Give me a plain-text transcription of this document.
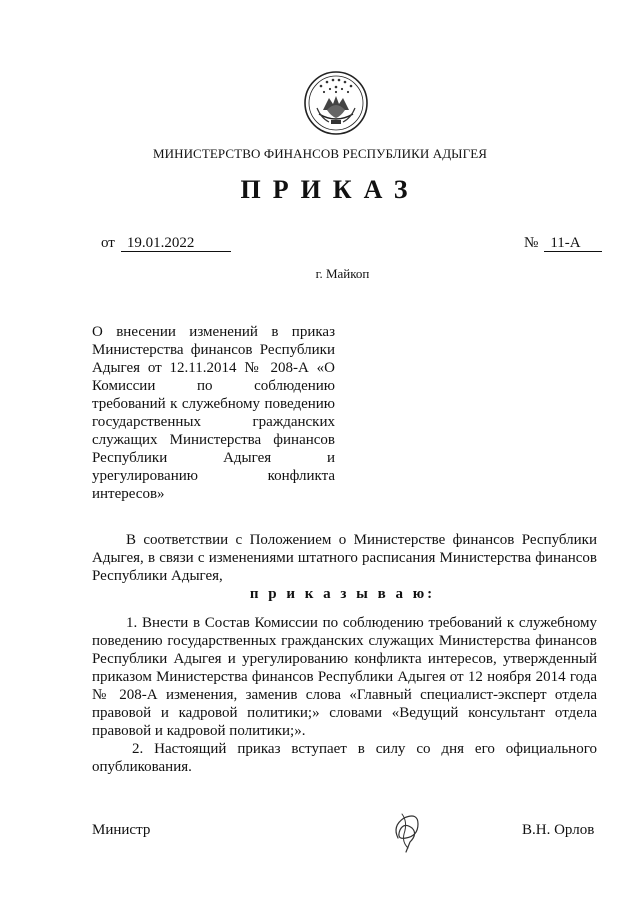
МИНИСТЕРСТВО ФИНАНСОВ РЕСПУБЛИКИ АДЫГЕЯ
ПРИКАЗ
от 19.01.2022	№ 11-А
г. Майкоп
О внесении изменений в приказ Министерства финансов Республики Адыгея от 12.11.2014 № 208-А «О Комиссии по соблюдению требований к служебному поведению государственных гражданских служащих Министерства финансов Республики Адыгея и урегулированию конфликта интересов»
В соответствии с Положением о Министерстве финансов Республики Адыгея, в связи с изменениями штатного расписания Министерства финансов Республики Адыгея,
п р и к а з ы в а ю:
1. Внести в Состав Комиссии по соблюдению требований к служебному поведению государственных гражданских служащих Министерства финансов Республики Адыгея и урегулированию конфликта интересов, утвержденный приказом Министерства финансов Республики Адыгея от 12 ноября 2014 года № 208-А изменения, заменив слова «Главный специалист-эксперт отдела правовой и кадровой политики;» словами «Ведущий консультант отдела правовой и кадровой политики;».
2. Настоящий приказ вступает в силу со дня его официального опубликования.
Министр	В.Н. Орлов
